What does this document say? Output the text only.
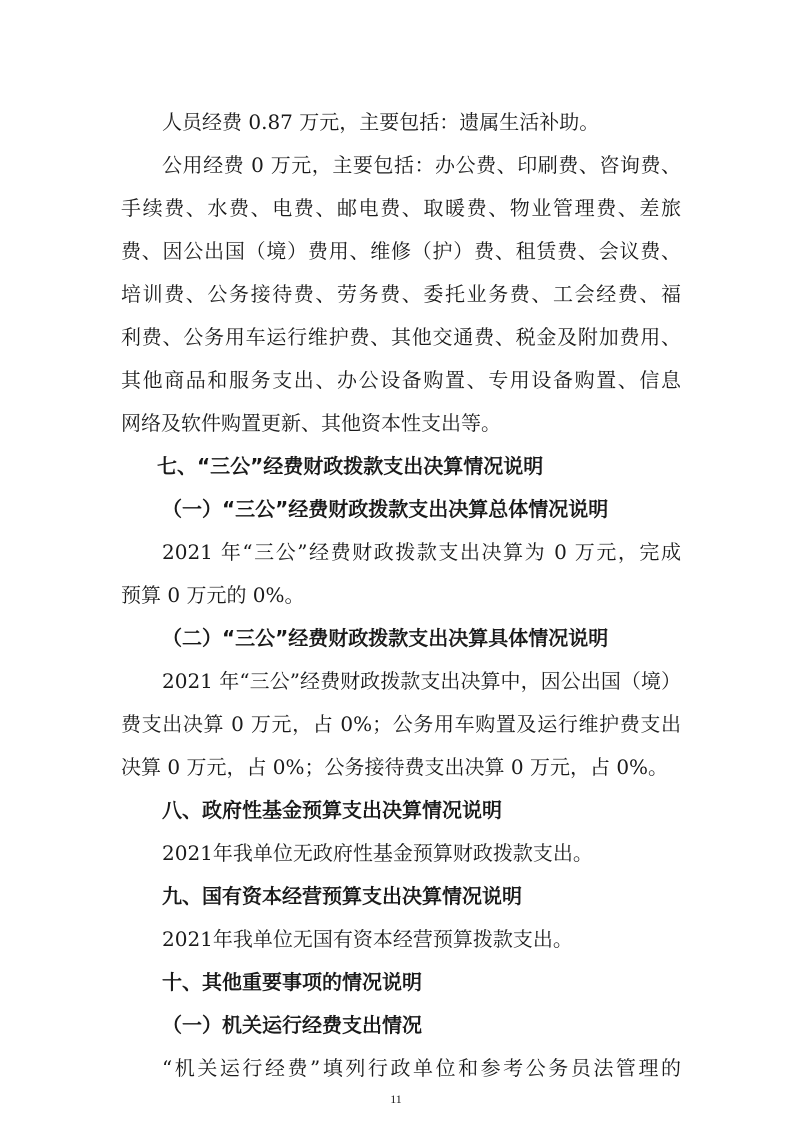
人员经费 0.87 万元，主要包括：遗属生活补助。
公用经费 0 万元，主要包括：办公费、印刷费、咨询费、
手续费、水费、电费、邮电费、取暖费、物业管理费、差旅
费、因公出国（境）费用、维修（护）费、租赁费、会议费、
培训费、公务接待费、劳务费、委托业务费、工会经费、福
利费、公务用车运行维护费、其他交通费、税金及附加费用、
其他商品和服务支出、办公设备购置、专用设备购置、信息
网络及软件购置更新、其他资本性支出等。
七、“三公”经费财政拨款支出决算情况说明
（一）“三公”经费财政拨款支出决算总体情况说明
2021 年“三公”经费财政拨款支出决算为 0 万元，完成
预算 0 万元的 0%。
（二）“三公”经费财政拨款支出决算具体情况说明
2021 年“三公”经费财政拨款支出决算中，因公出国（境）
费支出决算 0 万元，占 0%；公务用车购置及运行维护费支出
决算 0 万元，占 0%；公务接待费支出决算 0 万元，占 0%。
八、政府性基金预算支出决算情况说明
2021年我单位无政府性基金预算财政拨款支出。
九、国有资本经营预算支出决算情况说明
2021年我单位无国有资本经营预算拨款支出。
十、其他重要事项的情况说明
（一）机关运行经费支出情况
“机关运行经费”填列行政单位和参考公务员法管理的
11
